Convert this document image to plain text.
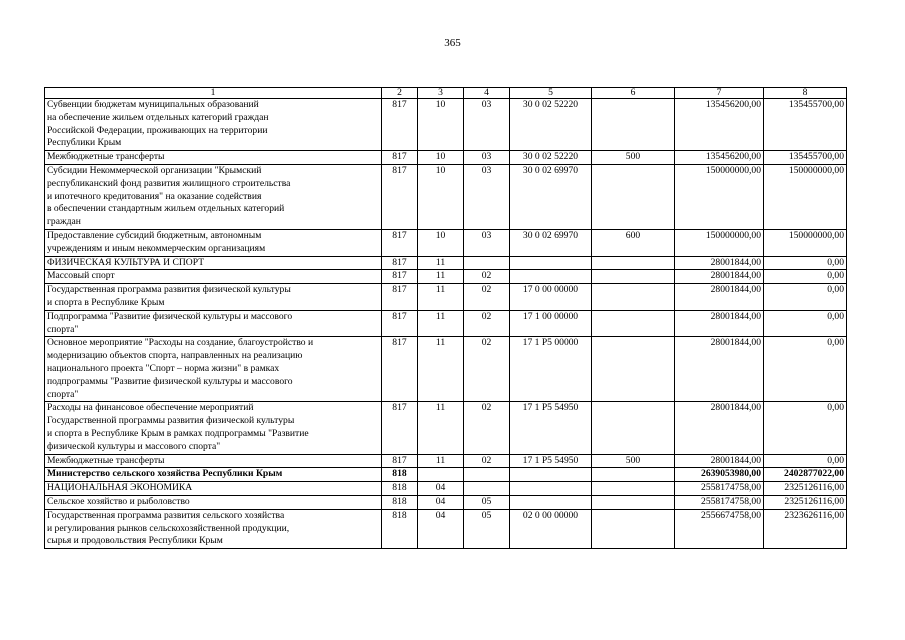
365
1	2	3	4	5	6	7	8
Субвенции бюджетам муниципальных образований
на обеспечение жильем отдельных категорий граждан
Российской Федерации, проживающих на территории
Республики Крым	817	10	03	30 0 02 52220		135456200,00	135455700,00
Межбюджетные трансферты	817	10	03	30 0 02 52220	500	135456200,00	135455700,00
Субсидии Некоммерческой организации "Крымский
республиканский фонд развития жилищного строительства
и ипотечного кредитования" на оказание содействия
в обеспечении стандартным жильем отдельных категорий
граждан	817	10	03	30 0 02 69970		150000000,00	150000000,00
Предоставление субсидий бюджетным, автономным
учреждениям и иным некоммерческим организациям	817	10	03	30 0 02 69970	600	150000000,00	150000000,00
ФИЗИЧЕСКАЯ КУЛЬТУРА И СПОРТ	817	11				28001844,00	0,00
Массовый спорт	817	11	02			28001844,00	0,00
Государственная программа развития физической культуры
и спорта в Республике Крым	817	11	02	17 0 00 00000		28001844,00	0,00
Подпрограмма "Развитие физической культуры и массового
спорта"	817	11	02	17 1 00 00000		28001844,00	0,00
Основное мероприятие "Расходы на создание, благоустройство и
модернизацию объектов спорта, направленных на реализацию
национального проекта "Спорт – норма жизни" в рамках
подпрограммы "Развитие физической культуры и массового
спорта"	817	11	02	17 1 P5 00000		28001844,00	0,00
Расходы на финансовое обеспечение мероприятий
Государственной программы развития физической культуры
и спорта в Республике Крым в рамках подпрограммы "Развитие
физической культуры и массового спорта"	817	11	02	17 1 P5 54950		28001844,00	0,00
Межбюджетные трансферты	817	11	02	17 1 P5 54950	500	28001844,00	0,00
Министерство сельского хозяйства Республики Крым	818					2639053980,00	2402877022,00
НАЦИОНАЛЬНАЯ ЭКОНОМИКА	818	04				2558174758,00	2325126116,00
Сельское хозяйство и рыболовство	818	04	05			2558174758,00	2325126116,00
Государственная программа развития сельского хозяйства
и регулирования рынков сельскохозяйственной продукции,
сырья и продовольствия Республики Крым	818	04	05	02 0 00 00000		2556674758,00	2323626116,00
